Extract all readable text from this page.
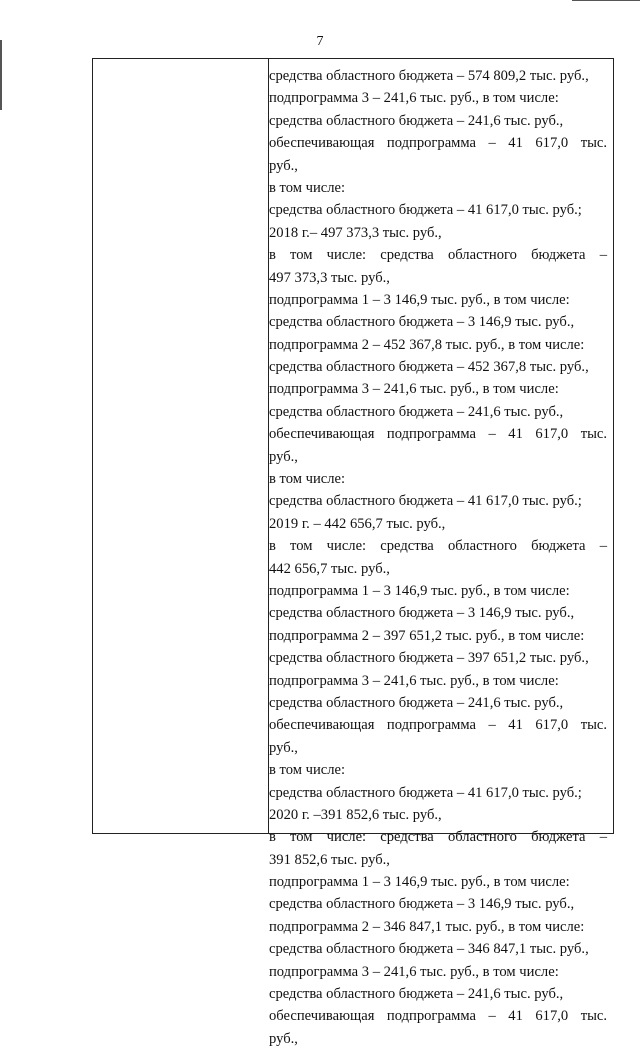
7
средства областного бюджета – 574 809,2 тыс. руб.,
подпрограмма 3 – 241,6 тыс. руб., в том числе:
средства областного бюджета – 241,6 тыс. руб.,
обеспечивающая подпрограмма – 41 617,0 тыс.
руб.,
в том числе:
средства областного бюджета – 41 617,0 тыс. руб.;
2018 г.– 497 373,3 тыс. руб.,
в том числе: средства областного бюджета –
497 373,3 тыс. руб.,
подпрограмма 1 – 3 146,9 тыс. руб., в том числе:
средства областного бюджета – 3 146,9 тыс. руб.,
подпрограмма 2 – 452 367,8 тыс. руб., в том числе:
средства областного бюджета – 452 367,8 тыс. руб.,
подпрограмма 3 – 241,6 тыс. руб., в том числе:
средства областного бюджета – 241,6 тыс. руб.,
обеспечивающая подпрограмма – 41 617,0 тыс.
руб.,
в том числе:
средства областного бюджета – 41 617,0 тыс. руб.;
2019 г. – 442 656,7 тыс. руб.,
в том числе: средства областного бюджета –
442 656,7 тыс. руб.,
подпрограмма 1 – 3 146,9 тыс. руб., в том числе:
средства областного бюджета – 3 146,9 тыс. руб.,
подпрограмма 2 – 397 651,2 тыс. руб., в том числе:
средства областного бюджета – 397 651,2 тыс. руб.,
подпрограмма 3 – 241,6 тыс. руб., в том числе:
средства областного бюджета – 241,6 тыс. руб.,
обеспечивающая подпрограмма – 41 617,0 тыс.
руб.,
в том числе:
средства областного бюджета – 41 617,0 тыс. руб.;
2020 г. –391 852,6 тыс. руб.,
в том числе: средства областного бюджета –
391 852,6 тыс. руб.,
подпрограмма 1 – 3 146,9 тыс. руб., в том числе:
средства областного бюджета – 3 146,9 тыс. руб.,
подпрограмма 2 – 346 847,1 тыс. руб., в том числе:
средства областного бюджета – 346 847,1 тыс. руб.,
подпрограмма 3 – 241,6 тыс. руб., в том числе:
средства областного бюджета – 241,6 тыс. руб.,
обеспечивающая подпрограмма – 41 617,0 тыс.
руб.,
